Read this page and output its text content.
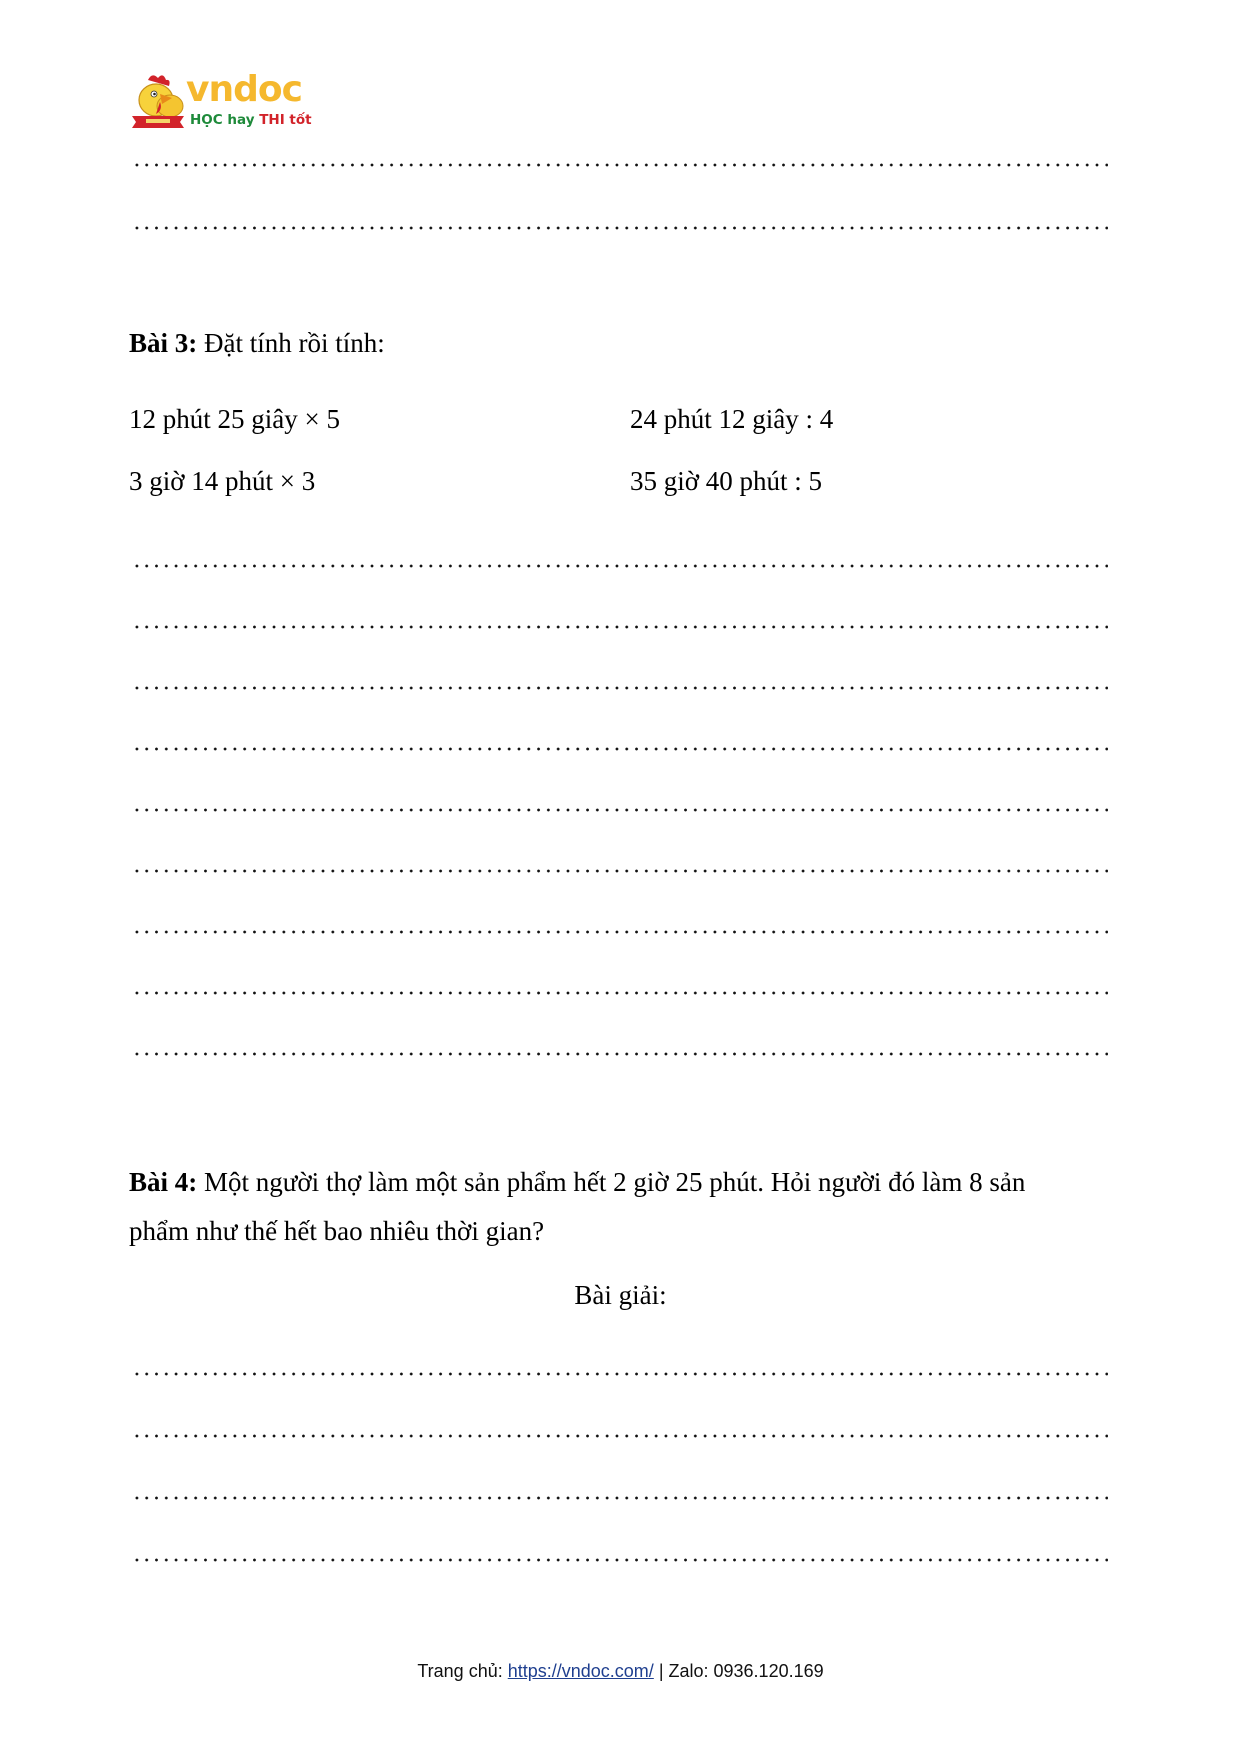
vndoc
HỌC hay THI tốt
Bài 3: Đặt tính rồi tính:
12 phút 25 giây × 5	24 phút 12 giây : 4
3 giờ 14 phút × 3	35 giờ 40 phút : 5
Bài 4: Một người thợ làm một sản phẩm hết 2 giờ 25 phút. Hỏi người đó làm 8 sản
phẩm như thế hết bao nhiêu thời gian?
Bài giải:
Trang chủ: https://vndoc.com/ | Zalo: 0936.120.169
